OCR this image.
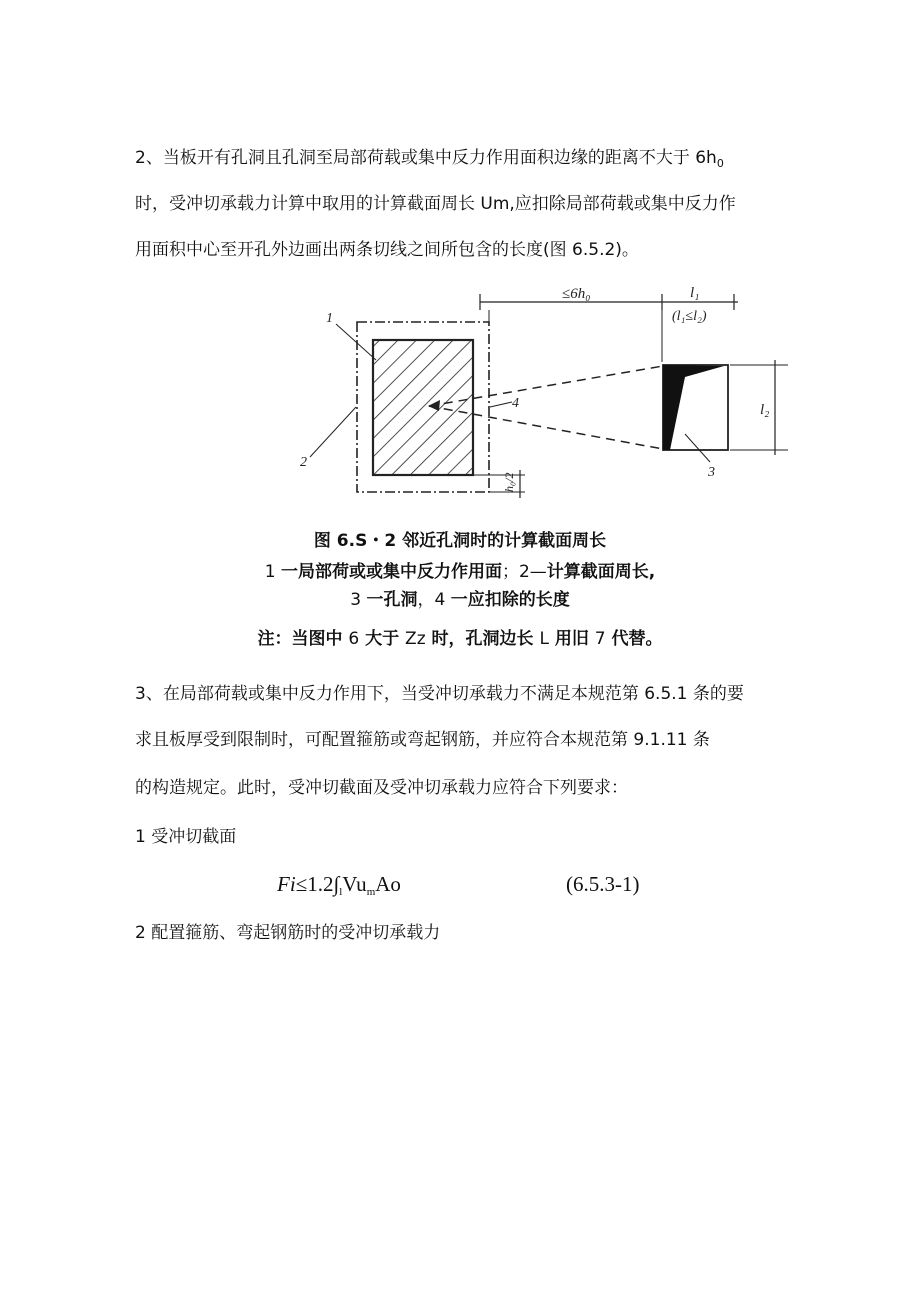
2、当板开有孔洞且孔洞至局部荷载或集中反力作用面积边缘的距离不大于 $6h_0$
时，受冲切承载力计算中取用的计算截面周长 Um,应扣除局部荷载或集中反力作
用面积中心至开孔外边画出两条切线之间所包含的长度(图 6.5.2)。
≤6h₀	l₁
(l₁≤l₂)
l₂
h₀/2
1
2
3
4
图 6.S・2 邻近孔洞时的计算截面周长
1 一局部荷或或集中反力作用面；2—计算截面周长,
3 一孔洞，4 一应扣除的长度
注：当图中 6 大于 Zz 时，孔洞边长 L 用旧 7 代替。
3、在局部荷载或集中反力作用下，当受冲切承载力不满足本规范第 6.5.1 条的要
求且板厚受到限制时，可配置箍筋或弯起钢筋，并应符合本规范第 9.1.11 条
的构造规定。此时，受冲切截面及受冲切承载力应符合下列要求：
1 受冲切截面
$Fi\le 1.2\int_lVu_mAo$	(6.5.3-1)
2 配置箍筋、弯起钢筋时的受冲切承载力
